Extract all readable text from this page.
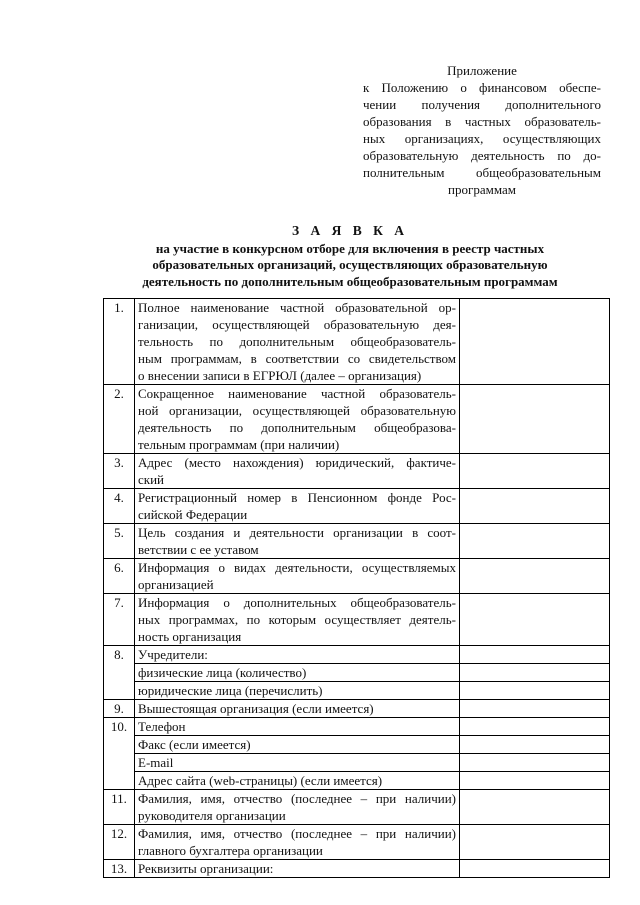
Приложение
к Положению о финансовом обеспе-
чении получения дополнительного
образования в частных образователь-
ных организациях, осуществляющих
образовательную деятельность по до-
полнительным общеобразовательным
программам
З А Я В К А
на участие в конкурсном отборе для включения в реестр частных
образовательных организаций, осуществляющих образовательную
деятельность по дополнительным общеобразовательным программам
1.	Полное наименование частной образовательной ор-
ганизации, осуществляющей образовательную дея-
тельность по дополнительным общеобразователь-
ным программам, в соответствии со свидетельством
о внесении записи в ЕГРЮЛ (далее – организация)	

2.	Сокращенное наименование частной образователь-
ной организации, осуществляющей образовательную
деятельность по дополнительным общеобразова-
тельным программам (при наличии)	

3.	Адрес (место нахождения) юридический, фактиче-
ский	

4.	Регистрационный номер в Пенсионном фонде Рос-
сийской Федерации	

5.	Цель создания и деятельности организации в соот-
ветствии с ее уставом	

6.	Информация о видах деятельности, осуществляемых
организацией	

7.	Информация о дополнительных общеобразователь-
ных программах, по которым осуществляет деятель-
ность организация	

8.	Учредители:	

	физические лица (количество)	

	юридические лица (перечислить)	

9.	Вышестоящая организация (если имеется)	

10.	Телефон	

	Факс (если имеется)	

	E-mail	

	Адрес сайта (web-страницы) (если имеется)	

11.	Фамилия, имя, отчество (последнее – при наличии)
руководителя организации	

12.	Фамилия, имя, отчество (последнее – при наличии)
главного бухгалтера организации	

13.	Реквизиты организации:	
